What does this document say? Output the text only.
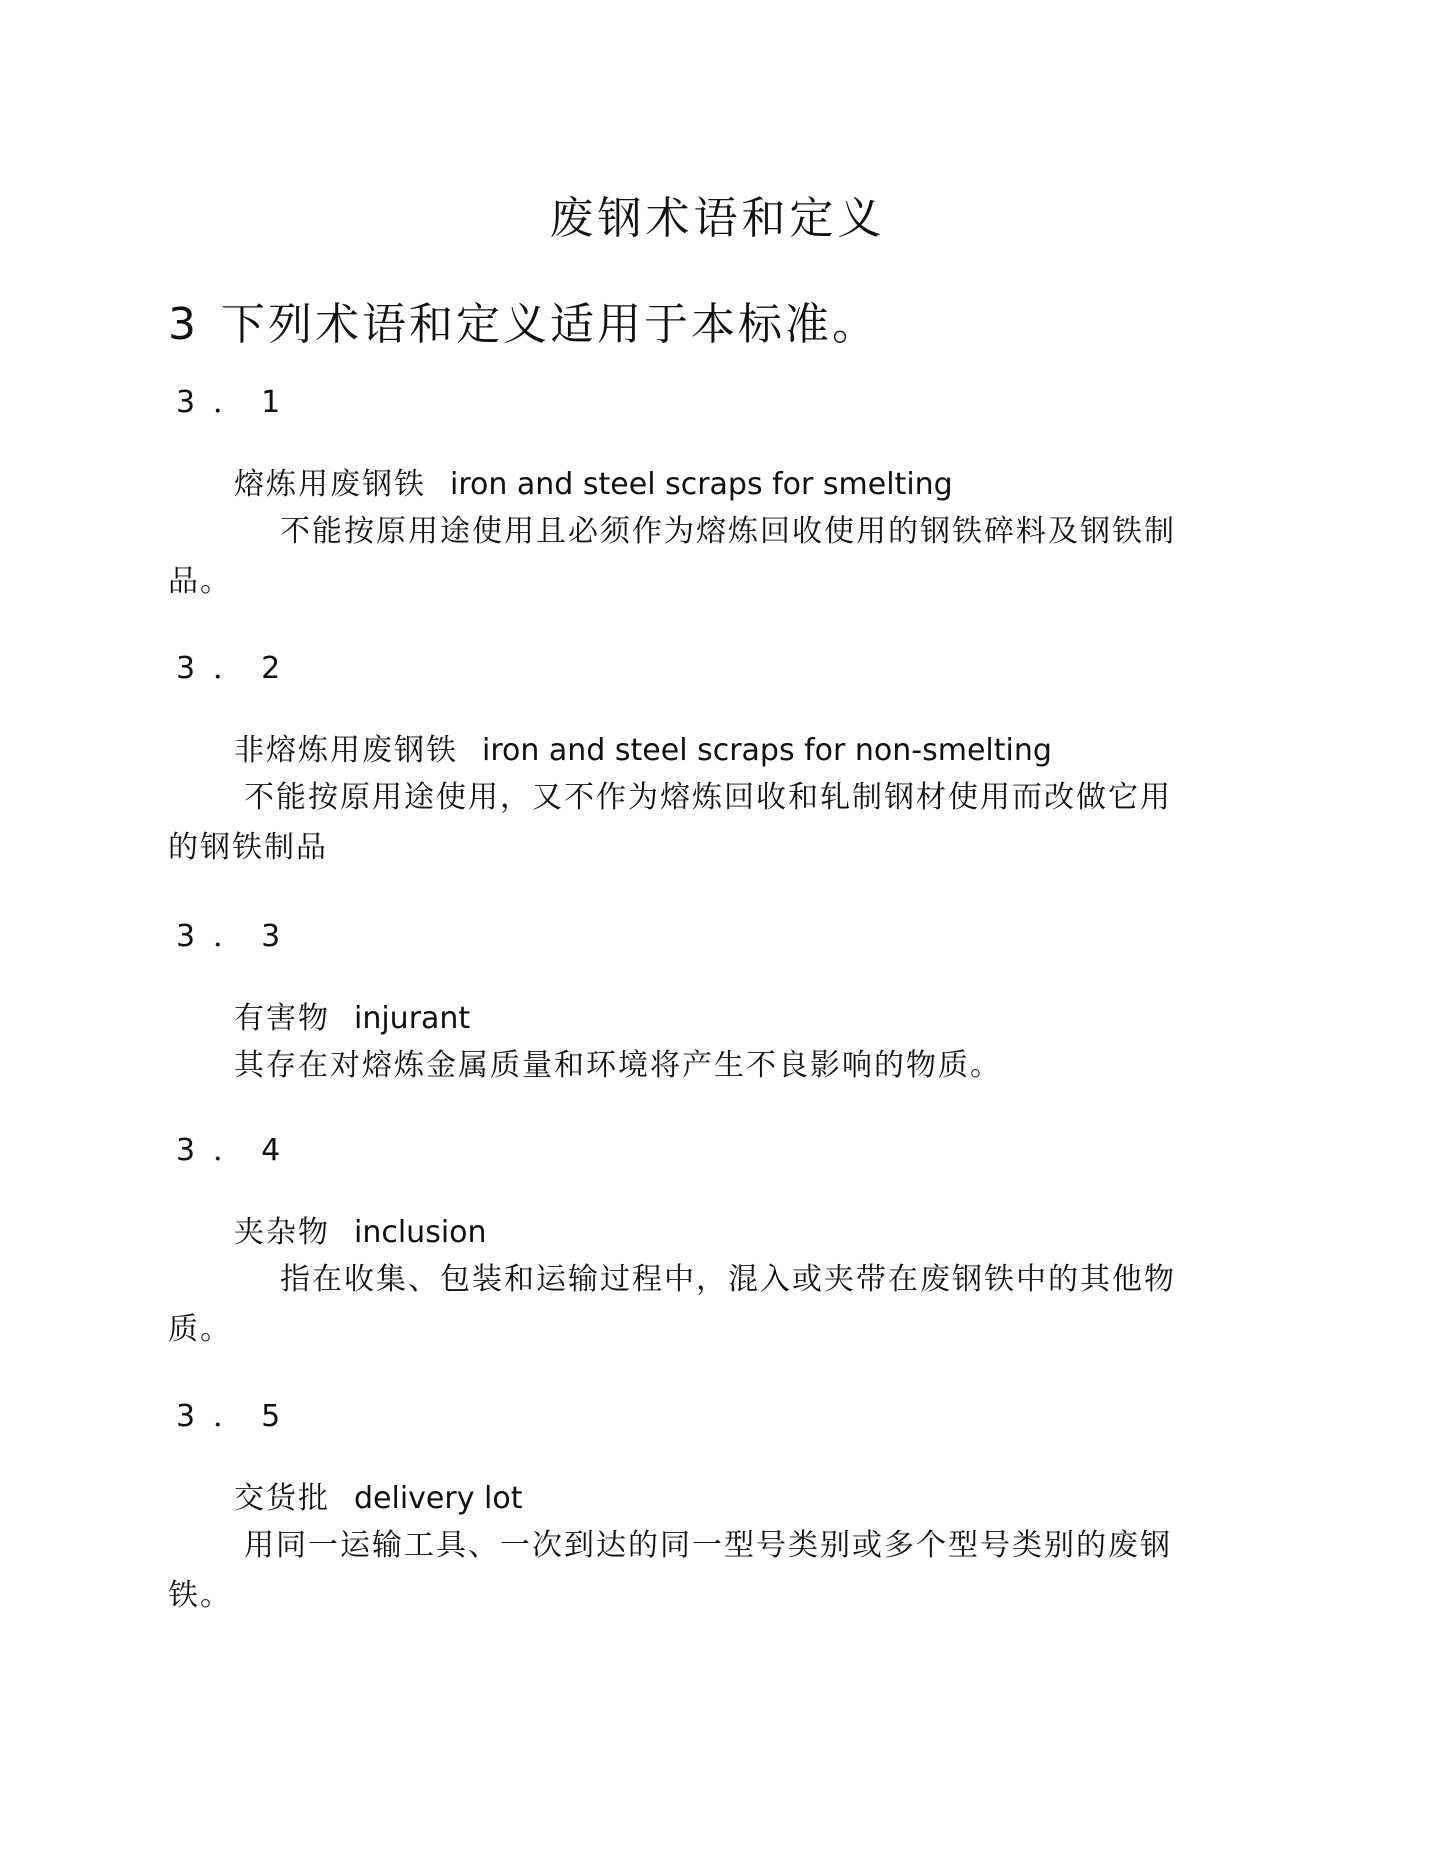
废钢术语和定义
3 下列术语和定义适用于本标准。

3．1

熔炼用废钢铁 iron and steel scraps for smelting

不能按原用途使用且必须作为熔炼回收使用的钢铁碎料及钢铁制品。

3．2

非熔炼用废钢铁 iron and steel scraps for non-smelting

不能按原用途使用，又不作为熔炼回收和轧制钢材使用而改做它用的钢铁制品

3．3

有害物 injurant

其存在对熔炼金属质量和环境将产生不良影响的物质。

3．4

夹杂物 inclusion

指在收集、包装和运输过程中，混入或夹带在废钢铁中的其他物质。

3．5

交货批 delivery lot

用同一运输工具、一次到达的同一型号类别或多个型号类别的废钢铁。
